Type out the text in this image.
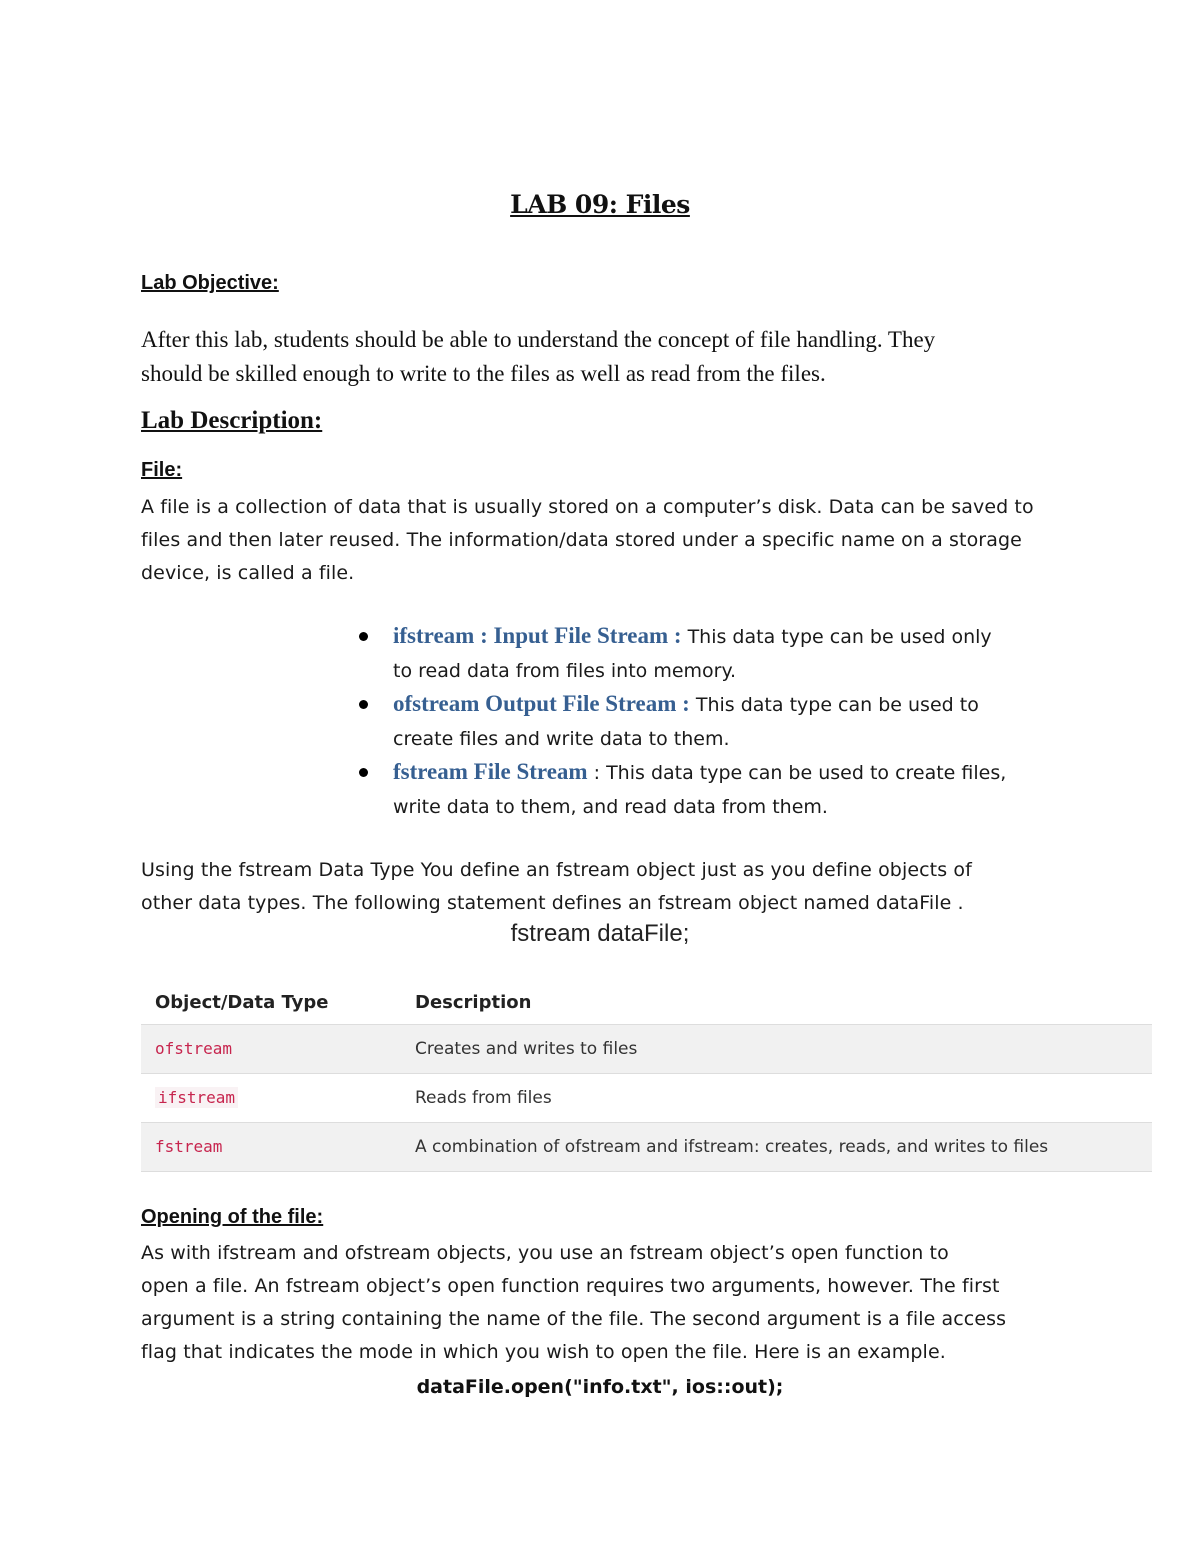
LAB 09: Files
Lab Objective:
After this lab, students should be able to understand the concept of file handling. They
should be skilled enough to write to the files as well as read from the files.
Lab Description:
File:
A file is a collection of data that is usually stored on a computer’s disk. Data can be saved to
files and then later reused. The information/data stored under a specific name on a storage
device, is called a file.
ifstream : Input File Stream : This data type can be used only
to read data from files into memory.
ofstream Output File Stream : This data type can be used to
create files and write data to them.
fstream File Stream : This data type can be used to create files,
write data to them, and read data from them.
Using the fstream Data Type You define an fstream object just as you define objects of
other data types. The following statement defines an fstream object named dataFile .
fstream dataFile;
Object/Data Type	Description
ofstream	Creates and writes to files
ifstream	Reads from files
fstream	A combination of ofstream and ifstream: creates, reads, and writes to files
Opening of the file:
As with ifstream and ofstream objects, you use an fstream object’s open function to
open a file. An fstream object’s open function requires two arguments, however. The first
argument is a string containing the name of the file. The second argument is a file access
flag that indicates the mode in which you wish to open the file. Here is an example.
dataFile.open("info.txt", ios::out);
